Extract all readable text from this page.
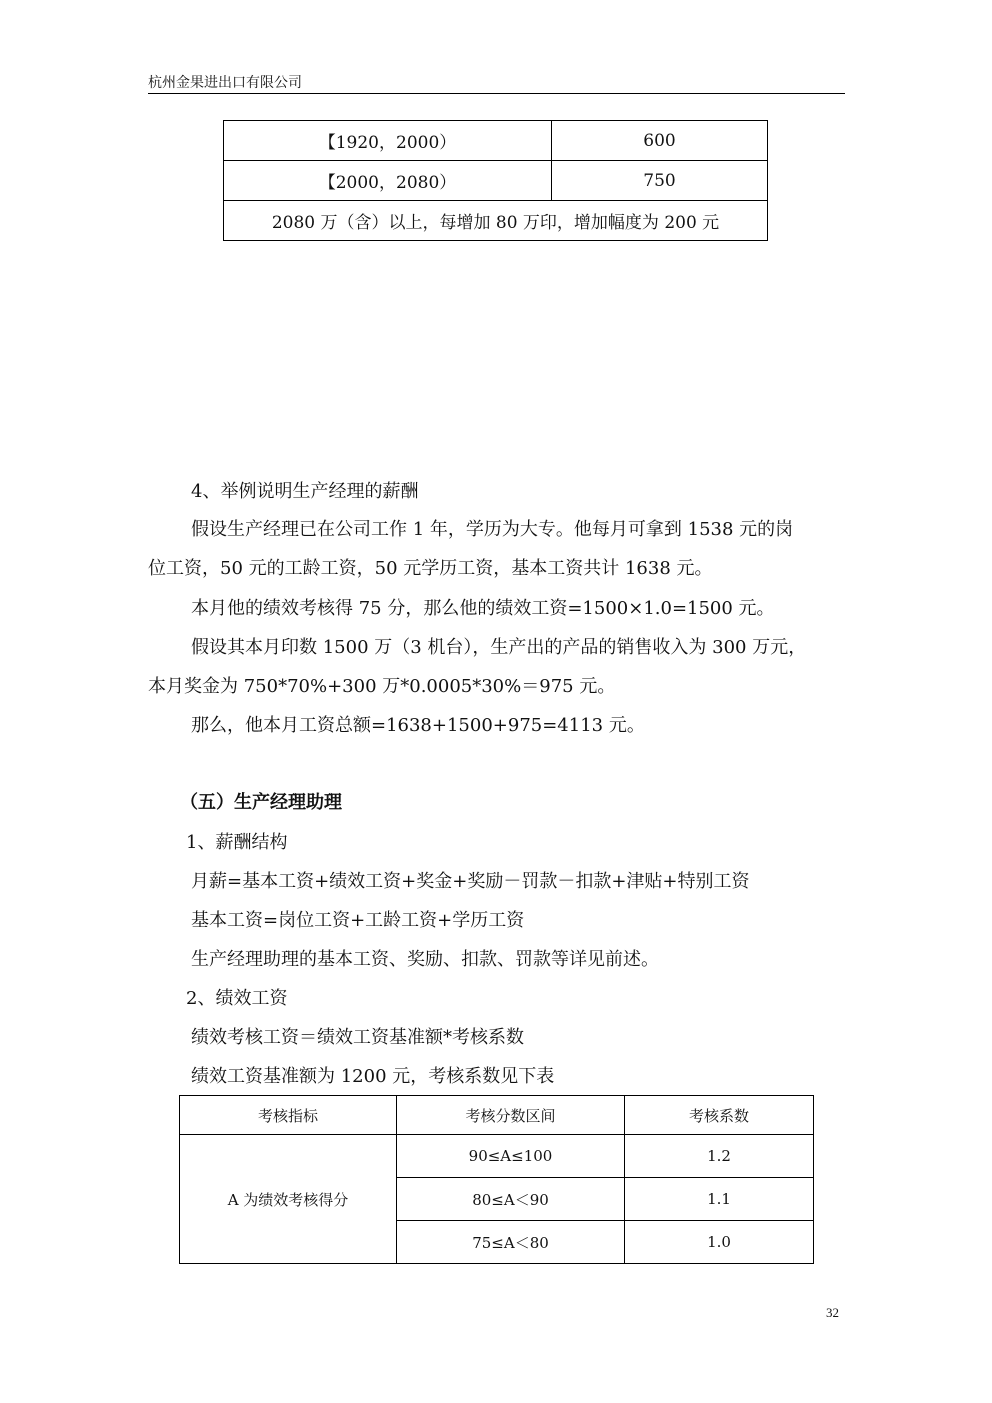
杭州金果进出口有限公司
【1920，2000）	600
【2000，2080）	750
2080 万（含）以上，每增加 80 万印，增加幅度为 200 元	
4、举例说明生产经理的薪酬
假设生产经理已在公司工作 1 年，学历为大专。他每月可拿到 1538 元的岗
位工资，50 元的工龄工资，50 元学历工资，基本工资共计 1638 元。
本月他的绩效考核得 75 分，那么他的绩效工资=1500×1.0=1500 元。
假设其本月印数 1500 万（3 机台），生产出的产品的销售收入为 300 万元，
本月奖金为 750*70%+300 万*0.0005*30%＝975 元。
那么，他本月工资总额=1638+1500+975=4113 元。
（五）生产经理助理
1、薪酬结构
月薪=基本工资+绩效工资+奖金+奖励－罚款－扣款+津贴+特别工资
基本工资=岗位工资+工龄工资+学历工资
生产经理助理的基本工资、奖励、扣款、罚款等详见前述。
2、绩效工资
绩效考核工资＝绩效工资基准额*考核系数
绩效工资基准额为 1200 元，考核系数见下表
考核指标	考核分数区间	考核系数
A 为绩效考核得分	90≤A≤100	1.2
	80≤A＜90	1.1
	75≤A＜80	1.0
32
